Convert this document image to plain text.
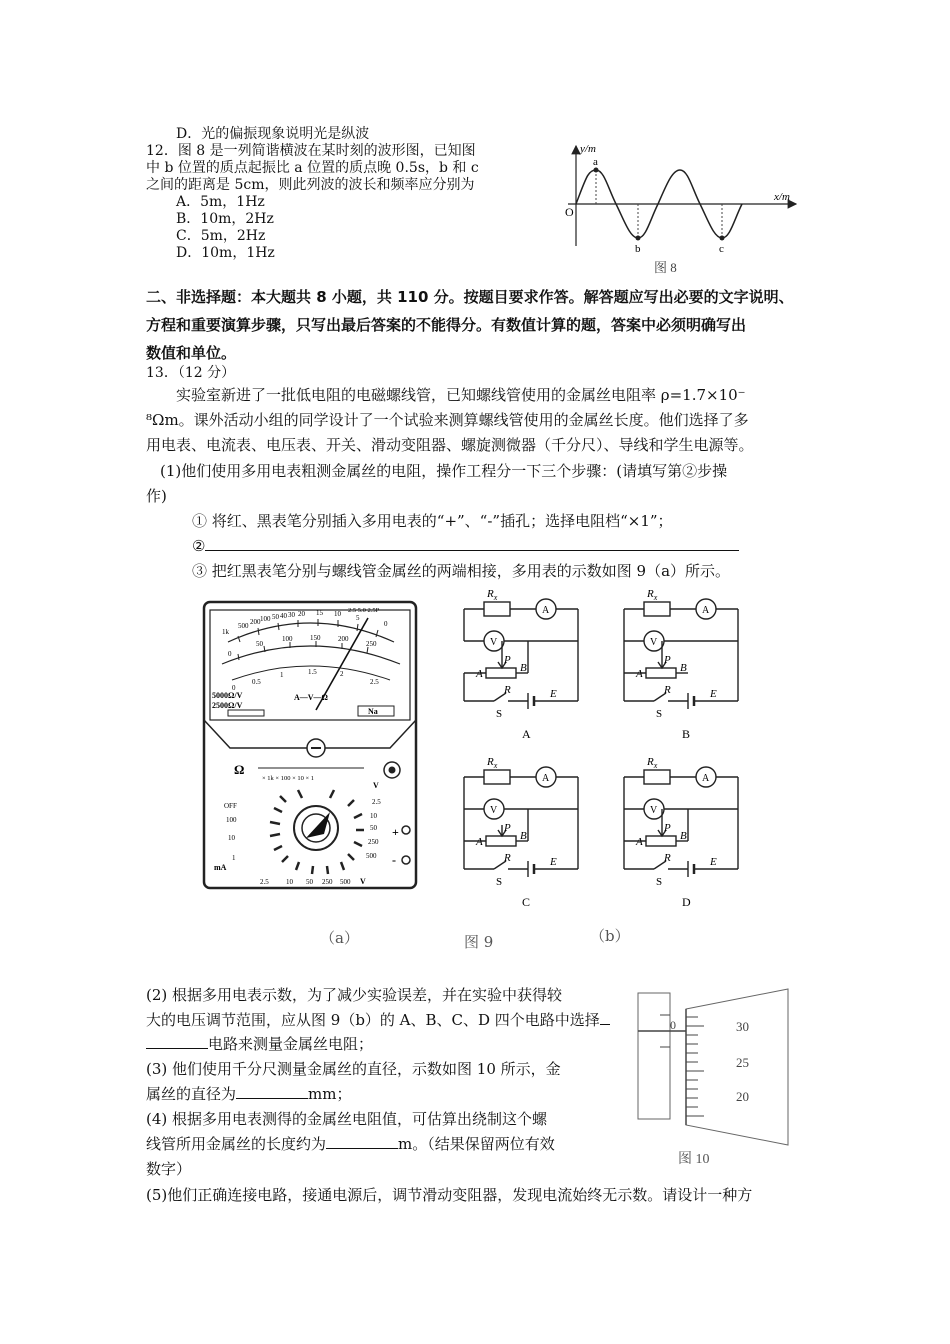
D．光的偏振现象说明光是纵波
12．图 8 是一列简谐横波在某时刻的波形图，已知图
中 b 位置的质点起振比 a 位置的质点晚 0.5s，b 和 c
之间的距离是 5cm，则此列波的波长和频率应分别为
A．5m，1Hz
B．10m，2Hz
C．5m，2Hz
D．10m，1Hz
y/m
x/m
O
a
b	c
图 8
二、非选择题：本大题共 8 小题，共 110 分。按题目要求作答。解答题应写出必要的文字说明、
方程和重要演算步骤，只写出最后答案的不能得分。有数值计算的题，答案中必须明确写出
数值和单位。
13．（12 分）
实验室新进了一批低电阻的电磁螺线管，已知螺线管使用的金属丝电阻率 ρ=1.7×10⁻
⁸Ωm。课外活动小组的同学设计了一个试验来测算螺线管使用的金属丝长度。他们选择了多
用电表、电流表、电压表、开关、滑动变阻器、螺旋测微器（千分尺）、导线和学生电源等。
(1)他们使用多用电表粗测金属丝的电阻，操作工程分一下三个步骤：(请填写第②步操
作)
① 将红、黑表笔分别插入多用电表的“+”、“-”插孔；选择电阻档“×1”；
②
③ 把红黑表笔分别与螺线管金属丝的两端相接，多用表的示数如图 9（a）所示。
1k
500 200 100 50 40 30 20 15 10 5
0
2.5 5.0 2.5P
0
50
100	150	200
250
0
0.5
1	1.5	2
2.5
5000Ω/V
2500Ω/V
A—V—Ω
Na
Ω
× 1k × 100 × 10 × 1
OFF
100
10
1
2.5
10
50
250
500
V
+
-
2.5 10 50 250 500 V
mA
$R_x$
A
V
A	B
P
R	E
S
A
$R_x$
A
V
A	B
P
R	E
S
B
$R_x$
A
V
A	B
P
R	E
S
C
$R_x$
A
V
A	B
P
R	E
S
D
（a）	图 9	（b）
(2) 根据多用电表示数，为了减少实验误差，并在实验中获得较
大的电压调节范围，应从图 9（b）的 A、B、C、D 四个电路中选择
电路来测量金属丝电阻；
(3) 他们使用千分尺测量金属丝的直径，示数如图 10 所示，金
属丝的直径为	mm；
(4) 根据多用电表测得的金属丝电阻值，可估算出绕制这个螺
线管所用金属丝的长度约为	m。（结果保留两位有效
数字）
(5)他们正确连接电路，接通电源后，调节滑动变阻器，发现电流始终无示数。请设计一种方
0	30
25
20
图 10
